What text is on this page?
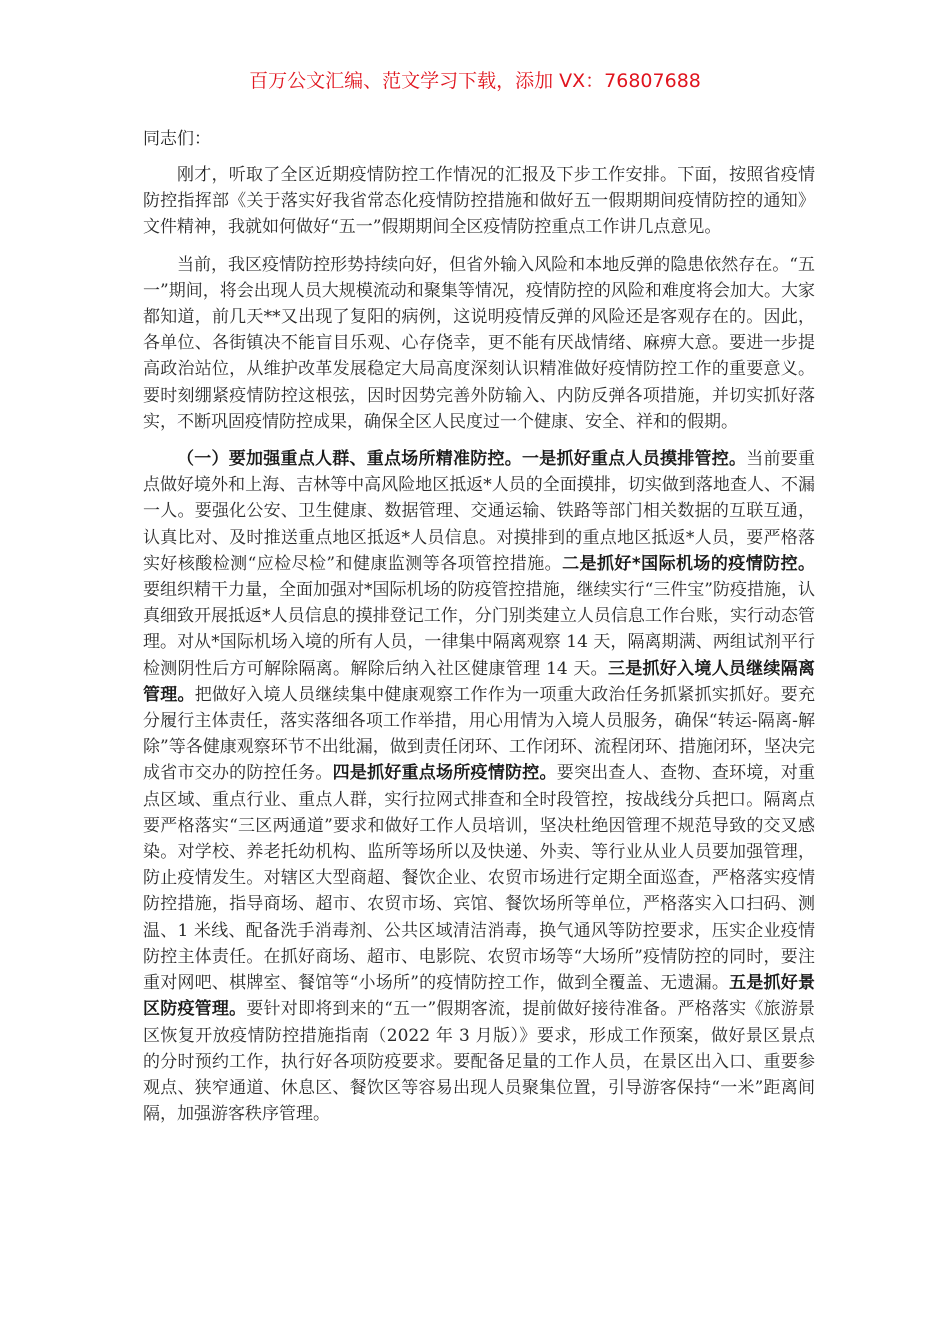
百万公文汇编、范文学习下载，添加 VX：76807688

同志们：

刚才，听取了全区近期疫情防控工作情况的汇报及下步工作安排。下面，按照省疫情防控指挥部《关于落实好我省常态化疫情防控措施和做好五一假期期间疫情防控的通知》文件精神，我就如何做好“五一”假期期间全区疫情防控重点工作讲几点意见。

当前，我区疫情防控形势持续向好，但省外输入风险和本地反弹的隐患依然存在。“五一”期间，将会出现人员大规模流动和聚集等情况，疫情防控的风险和难度将会加大。大家都知道，前几天**又出现了复阳的病例，这说明疫情反弹的风险还是客观存在的。因此，各单位、各街镇决不能盲目乐观、心存侥幸，更不能有厌战情绪、麻痹大意。要进一步提高政治站位，从维护改革发展稳定大局高度深刻认识精准做好疫情防控工作的重要意义。要时刻绷紧疫情防控这根弦，因时因势完善外防输入、内防反弹各项措施，并切实抓好落实，不断巩固疫情防控成果，确保全区人民度过一个健康、安全、祥和的假期。

（一）要加强重点人群、重点场所精准防控。一是抓好重点人员摸排管控。当前要重点做好境外和上海、吉林等中高风险地区抵返*人员的全面摸排，切实做到落地查人、不漏一人。要强化公安、卫生健康、数据管理、交通运输、铁路等部门相关数据的互联互通，认真比对、及时推送重点地区抵返*人员信息。对摸排到的重点地区抵返*人员，要严格落实好核酸检测“应检尽检”和健康监测等各项管控措施。二是抓好*国际机场的疫情防控。要组织精干力量，全面加强对*国际机场的防疫管控措施，继续实行“三件宝”防疫措施，认真细致开展抵返*人员信息的摸排登记工作，分门别类建立人员信息工作台账，实行动态管理。对从*国际机场入境的所有人员，一律集中隔离观察 14 天，隔离期满、两组试剂平行检测阴性后方可解除隔离。解除后纳入社区健康管理 14 天。三是抓好入境人员继续隔离管理。把做好入境人员继续集中健康观察工作作为一项重大政治任务抓紧抓实抓好。要充分履行主体责任，落实落细各项工作举措，用心用情为入境人员服务，确保“转运-隔离-解除”等各健康观察环节不出纰漏，做到责任闭环、工作闭环、流程闭环、措施闭环，坚决完成省市交办的防控任务。四是抓好重点场所疫情防控。要突出查人、查物、查环境，对重点区域、重点行业、重点人群，实行拉网式排查和全时段管控，按战线分兵把口。隔离点要严格落实“三区两通道”要求和做好工作人员培训，坚决杜绝因管理不规范导致的交叉感染。对学校、养老托幼机构、监所等场所以及快递、外卖、等行业从业人员要加强管理，防止疫情发生。对辖区大型商超、餐饮企业、农贸市场进行定期全面巡查，严格落实疫情防控措施，指导商场、超市、农贸市场、宾馆、餐饮场所等单位，严格落实入口扫码、测温、1 米线、配备洗手消毒剂、公共区域清洁消毒，换气通风等防控要求，压实企业疫情防控主体责任。在抓好商场、超市、电影院、农贸市场等“大场所”疫情防控的同时，要注重对网吧、棋牌室、餐馆等“小场所”的疫情防控工作，做到全覆盖、无遗漏。五是抓好景区防疫管理。要针对即将到来的“五一”假期客流，提前做好接待准备。严格落实《旅游景区恢复开放疫情防控措施指南（2022 年 3 月版）》要求，形成工作预案，做好景区景点的分时预约工作，执行好各项防疫要求。要配备足量的工作人员，在景区出入口、重要参观点、狭窄通道、休息区、餐饮区等容易出现人员聚集位置，引导游客保持“一米”距离间隔，加强游客秩序管理。
